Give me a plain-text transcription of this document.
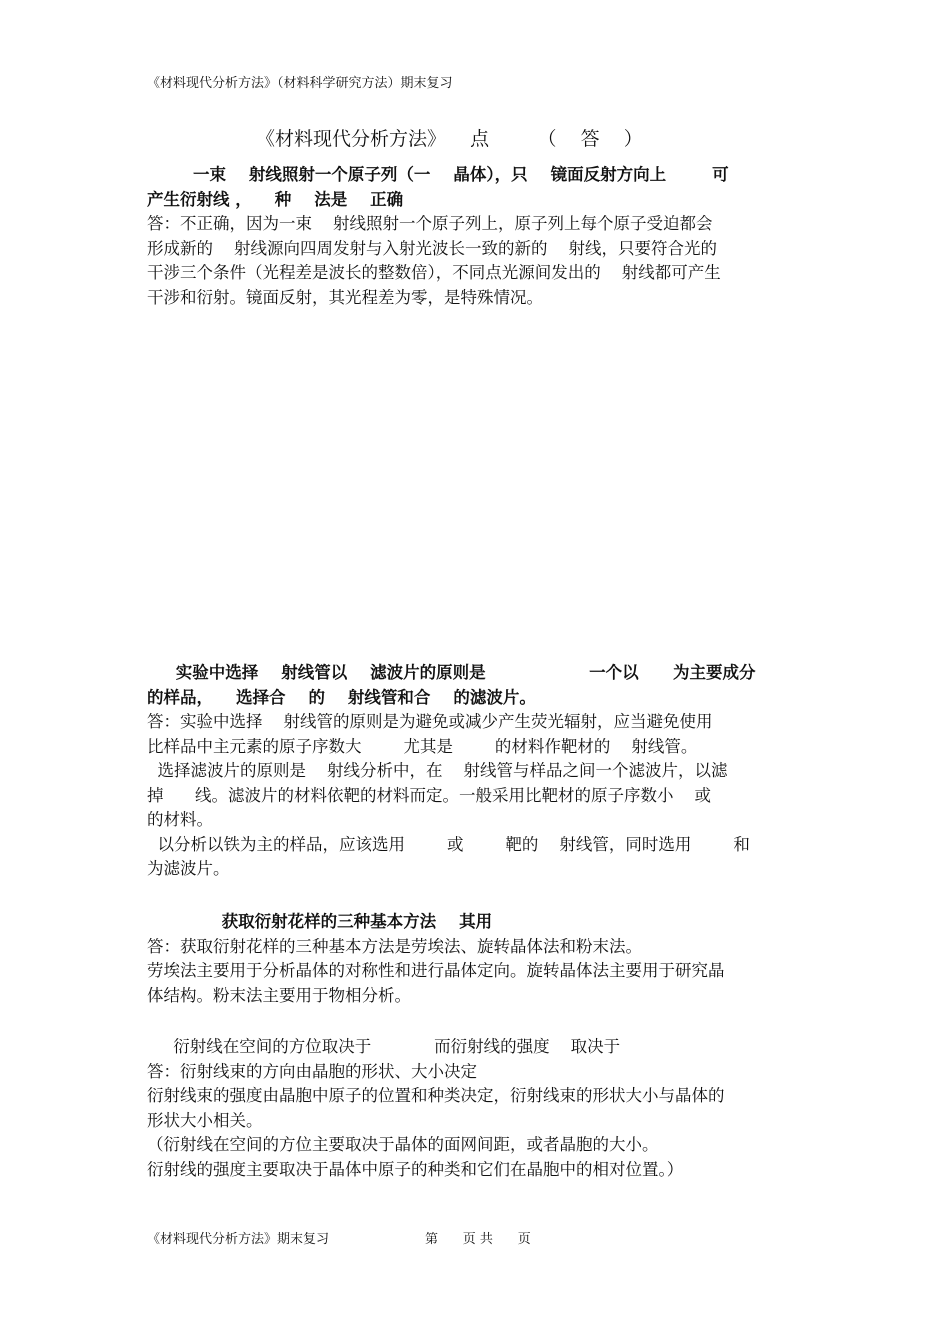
《材料现代分析方法》（材料科学研究方法）期末复习
《材料现代分析方法》    点        （    答    ）
一束    射线照射一个原子列（一    晶体），只    镜面反射方向上        可
产生衍射线 ，    种    法是    正确
答：不正确，因为一束    射线照射一个原子列上，原子列上每个原子受迫都会
形成新的    射线源向四周发射与入射光波长一致的新的    射线，只要符合光的
干涉三个条件（光程差是波长的整数倍），不同点光源间发出的    射线都可产生
干涉和衍射。镜面反射，其光程差为零，是特殊情况。
实验中选择    射线管以    滤波片的原则是                  一个以      为主要成分
的样品，    选择合    的    射线管和合    的滤波片。
答：实验中选择    射线管的原则是为避免或减少产生荧光辐射，应当避免使用
比样品中主元素的原子序数大        尤其是        的材料作靶材的    射线管。
选择滤波片的原则是    射线分析中，在    射线管与样品之间一个滤波片，以滤
掉      线。滤波片的材料依靶的材料而定。一般采用比靶材的原子序数小    或
的材料。
以分析以铁为主的样品，应该选用        或        靶的    射线管，同时选用        和
为滤波片。
获取衍射花样的三种基本方法    其用
答：获取衍射花样的三种基本方法是劳埃法、旋转晶体法和粉末法。
劳埃法主要用于分析晶体的对称性和进行晶体定向。旋转晶体法主要用于研究晶
体结构。粉末法主要用于物相分析。
衍射线在空间的方位取决于            而衍射线的强度    取决于
答：衍射线束的方向由晶胞的形状、大小决定
衍射线束的强度由晶胞中原子的位置和种类决定，衍射线束的形状大小与晶体的
形状大小相关。
（衍射线在空间的方位主要取决于晶体的面网间距，或者晶胞的大小。
衍射线的强度主要取决于晶体中原子的种类和它们在晶胞中的相对位置。）
《材料现代分析方法》期末复习	第      页 共      页
